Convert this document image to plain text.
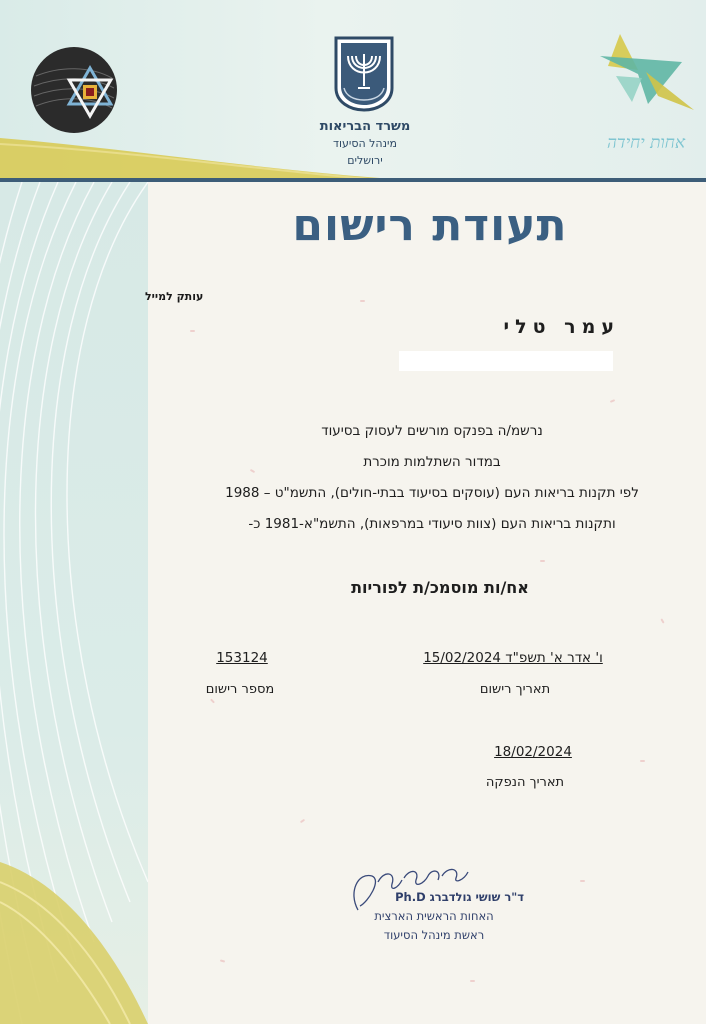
משרד הבריאות
מינהל הסיעוד
ירושלים
אחות יחידה
תעודת רישום
עותק למייל
עמר טלי
נרשמ/ה בפנקס מורשים לעסוק בסיעוד
במדור השתלמות מוכרת
לפי תקנות בריאות העם (עוסקים בסיעוד בבתי-חולים), התשמ"ט – 1988
ותקנות בריאות העם (צוות סיעודי במרפאות), התשמ"א-1981 כ-
אח/ות מוסמכ/ת לפוריות
ו' אדר א' תשפ"ד 15/02/2024
תאריך רישום
153124
מספר רישום
18/02/2024
תאריך הנפקה
ד"ר שושי גולדברג Ph.D
האחות הראשית הארצית
ראשת מינהל הסיעוד
